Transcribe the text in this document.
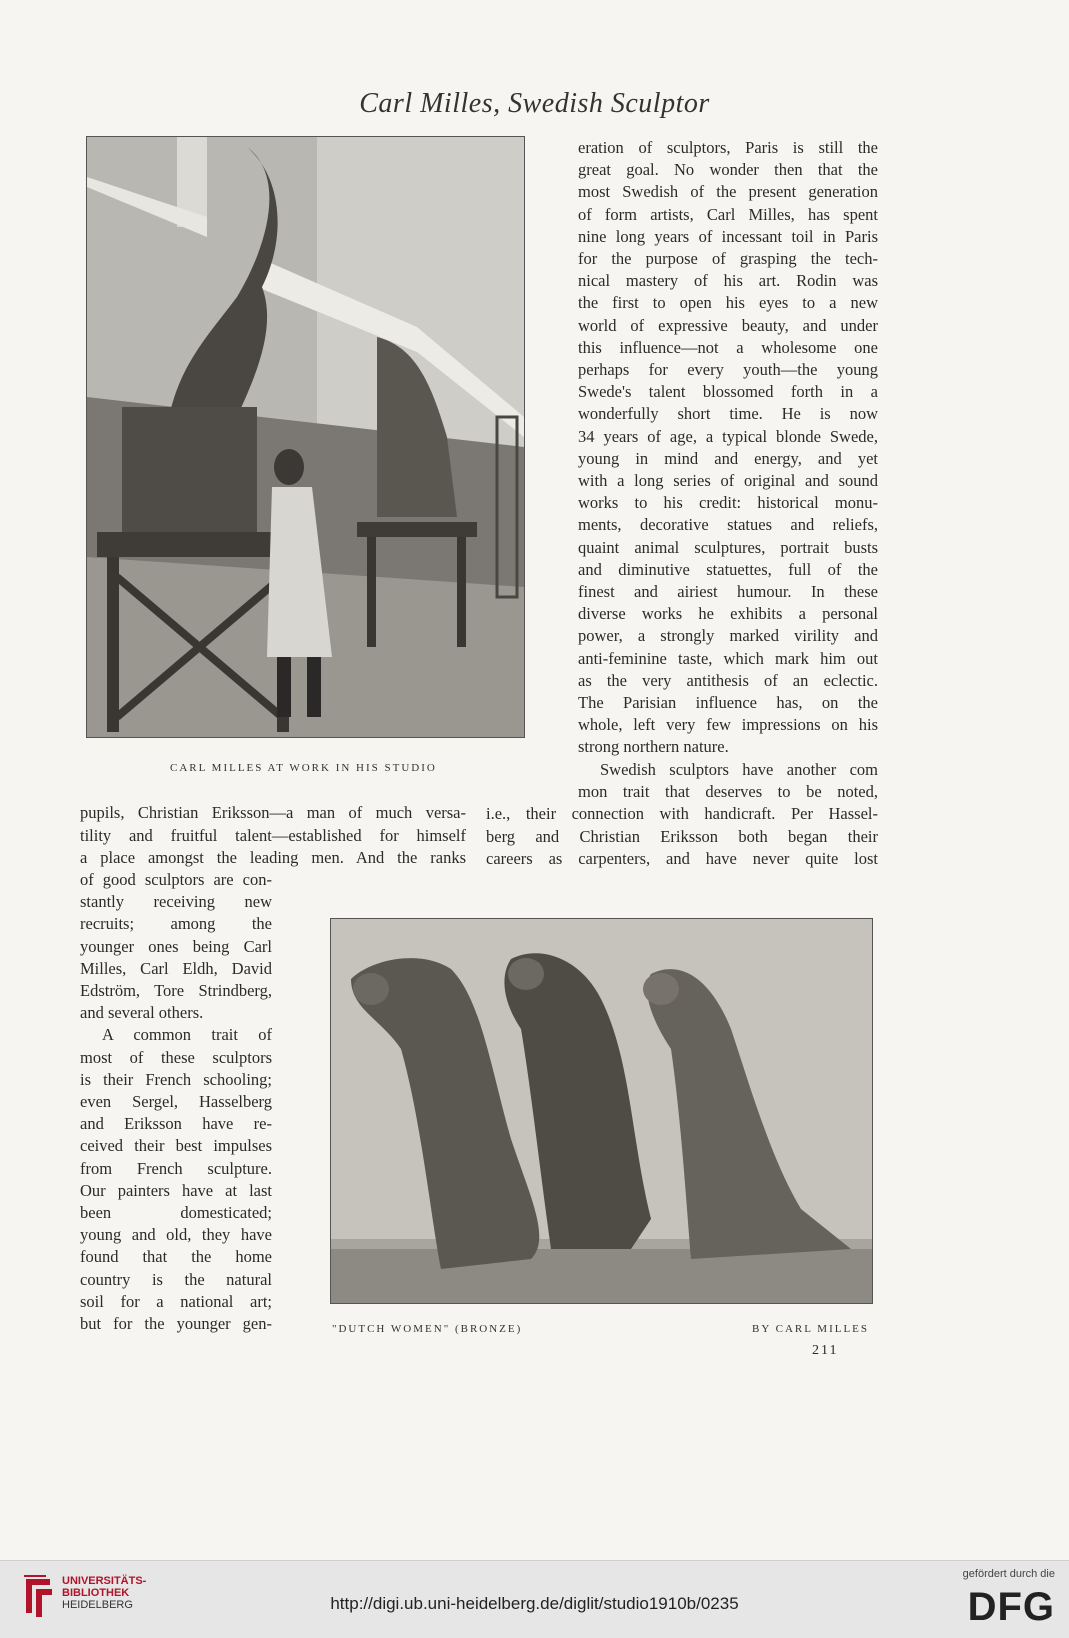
Carl Milles, Swedish Sculptor
CARL MILLES AT WORK IN HIS STUDIO
eration of sculptors, Paris is still the
great goal. No wonder then that the
most Swedish of the present generation
of form artists, Carl Milles, has spent
nine long years of incessant toil in Paris
for the purpose of grasping the tech-
nical mastery of his art. Rodin was
the first to open his eyes to a new
world of expressive beauty, and under
this influence—not a wholesome one
perhaps for every youth—the young
Swede's talent blossomed forth in a
wonderfully short time. He is now
34 years of age, a typical blonde Swede,
young in mind and energy, and yet
with a long series of original and sound
works to his credit: historical monu-
ments, decorative statues and reliefs,
quaint animal sculptures, portrait busts
and diminutive statuettes, full of the
finest and airiest humour. In these
diverse works he exhibits a personal
power, a strongly marked virility and
anti-feminine taste, which mark him out
as the very antithesis of an eclectic.
The Parisian influence has, on the
whole, left very few impressions on his
strong northern nature.
Swedish sculptors have another com
mon trait that deserves to be noted,
i.e., their connection with handicraft. Per Hassel-
berg and Christian Eriksson both began their
careers as carpenters, and have never quite lost
pupils, Christian Eriksson—a man of much versa-
tility and fruitful talent—established for himself
a place amongst the leading men. And the ranks
of good sculptors are con-
stantly receiving new
recruits; among the
younger ones being Carl
Milles, Carl Eldh, David
Edström, Tore Strindberg,
and several others.
A common trait of
most of these sculptors
is their French schooling;
even Sergel, Hasselberg
and Eriksson have re-
ceived their best impulses
from French sculpture.
Our painters have at last
been domesticated;
young and old, they have
found that the home
country is the natural
soil for a national art;
but for the younger gen-	"DUTCH WOMEN" (BRONZE)	BY CARL MILLES
211
UNIVERSITÄTS-
BIBLIOTHEK
HEIDELBERG	http://digi.ub.uni-heidelberg.de/diglit/studio1910b/0235
gefördert durch die
DFG
